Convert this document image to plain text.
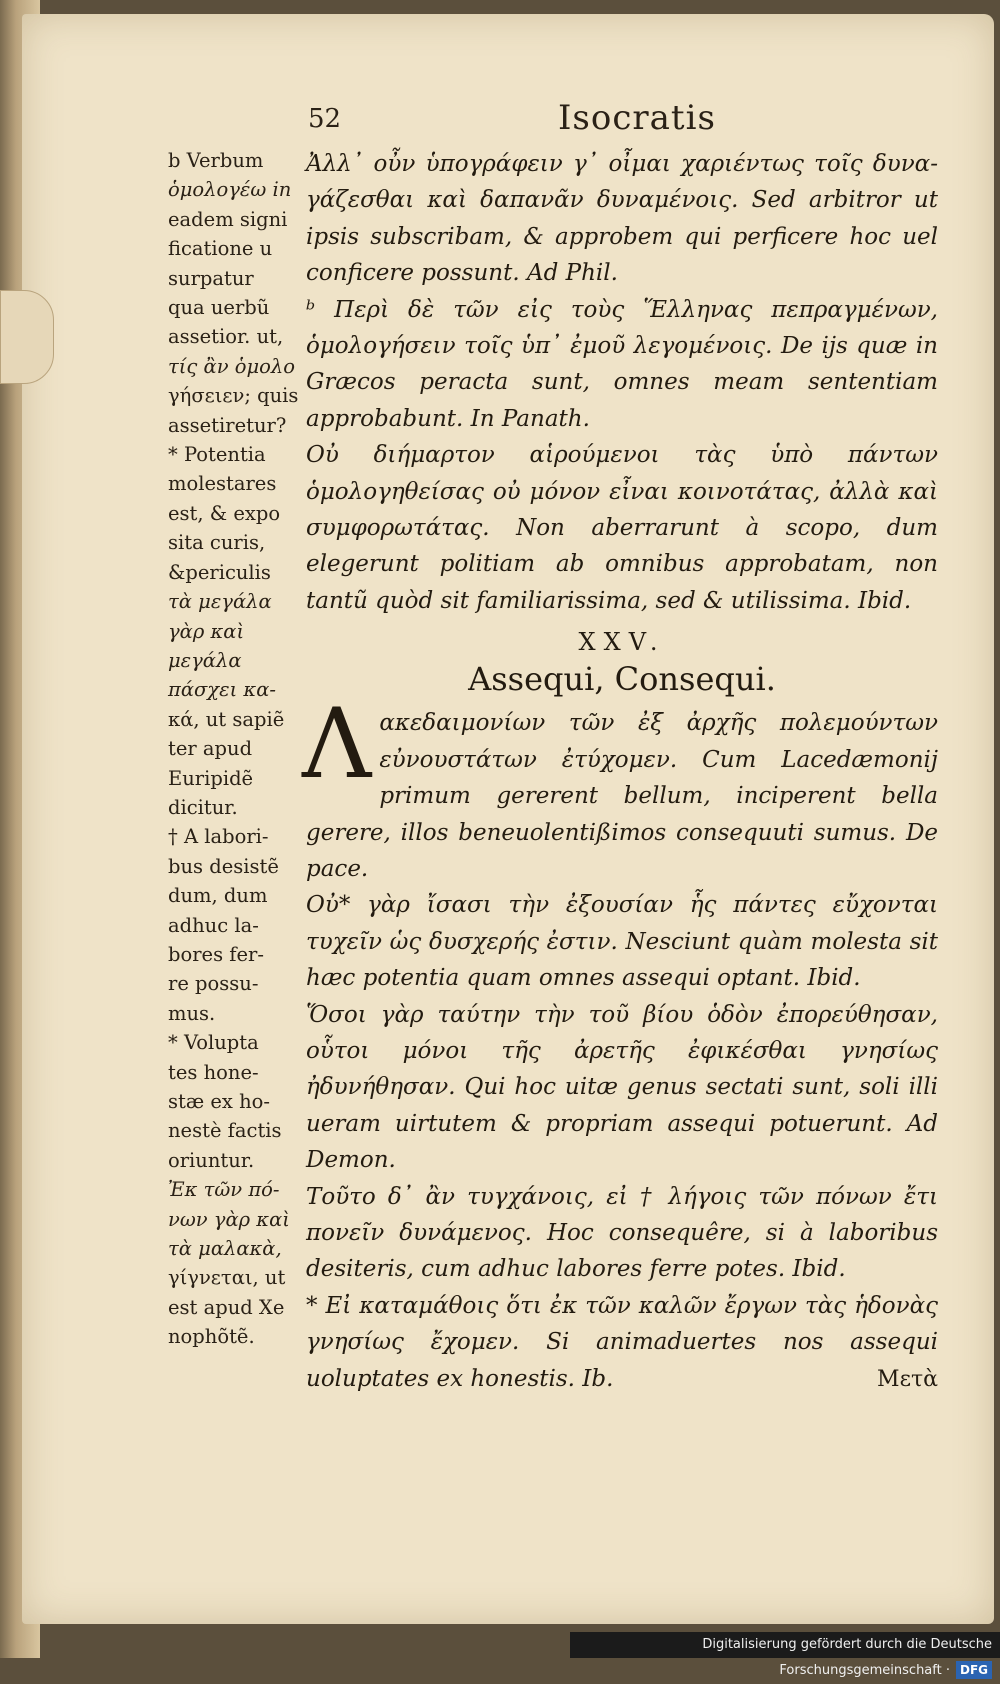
52	Isocratis

b Verbum

ὁμολογέω in

eadem signi

ficatione u

surpatur

qua uerbũ

assetior. ut,

τίς ἂν ὁμολο

γήσειεν; quis

assetiretur?

* Potentia

molestares

est, & expo

sita curis,

&periculis

τὰ μεγάλα

γὰρ καὶ μεγάλα

πάσχει κα-

κά, ut sapiẽ

ter apud

Euripidẽ

dicitur.

† A labori-

bus desistẽ

dum, dum

adhuc la-

bores fer-

re possu-

mus.

* Volupta

tes hone-

stæ ex ho-

nestè factis

oriuntur.

Ἐκ τῶν πό-

νων γὰρ καὶ

τὰ μαλακὰ,

γίγνεται, ut

est apud Xe

nophõtẽ.

Ἀλλ᾽ οὖν ὑπογράφειν γ᾽ οἶμαι χαριέντως τοῖς δυνα-γάζεσθαι καὶ δαπανᾶν δυναμένοις. Sed arbitror ut ipsis subscribam, & approbem qui perficere hoc uel conficere possunt. Ad Phil.

ᵇ Περὶ δὲ τῶν εἰς τοὺς Ἕλληνας πεπραγμένων, ὁμολογήσειν τοῖς ὑπ᾽ ἐμοῦ λεγομένοις. De ijs quæ in Græcos peracta sunt, omnes meam sententiam approbabunt. In Panath.

Οὐ διήμαρτον αἱρούμενοι τὰς ὑπὸ πάντων ὁμολογηθείσας οὐ μόνον εἶναι κοινοτάτας, ἀλλὰ καὶ συμφορωτάτας. Non aberrarunt à scopo, dum elegerunt politiam ab omnibus approbatam, non tantũ quòd sit familiarissima, sed & utilissima. Ibid.

XXV.
Assequi, Consequi.

Λακεδαιμονίων τῶν ἐξ ἀρχῆς πολεμούντων εὐνουστάτων ἐτύχομεν. Cum Lacedæmonij primum gererent bellum, inciperent bella gerere, illos beneuolentißimos consequuti sumus. De pace.

Οὐ* γὰρ ἴσασι τὴν ἐξουσίαν ἧς πάντες εὔχονται τυχεῖν ὡς δυσχερής ἐστιν. Nesciunt quàm molesta sit hæc potentia quam omnes assequi optant. Ibid.

Ὅσοι γὰρ ταύτην τὴν τοῦ βίου ὁδὸν ἐπορεύθησαν, οὗτοι μόνοι τῆς ἀρετῆς ἐφικέσθαι γνησίως ἠδυνήθησαν. Qui hoc uitæ genus sectati sunt, soli illi ueram uirtutem & propriam assequi potuerunt. Ad Demon.

Τοῦτο δ᾽ ἂν τυγχάνοις, εἰ † λήγοις τῶν πόνων ἔτι πονεῖν δυνάμενος. Hoc consequêre, si à laboribus desiteris, cum adhuc labores ferre potes. Ibid.

* Εἰ καταμάθοις ὅτι ἐκ τῶν καλῶν ἔργων τὰς ἡδονὰς γνησίως ἔχομεν. Si animaduertes nos assequi uoluptates ex honestis. Ib.	Μετὰ
Digitalisierung gefördert durch die Deutsche Forschungsgemeinschaft · DFG
